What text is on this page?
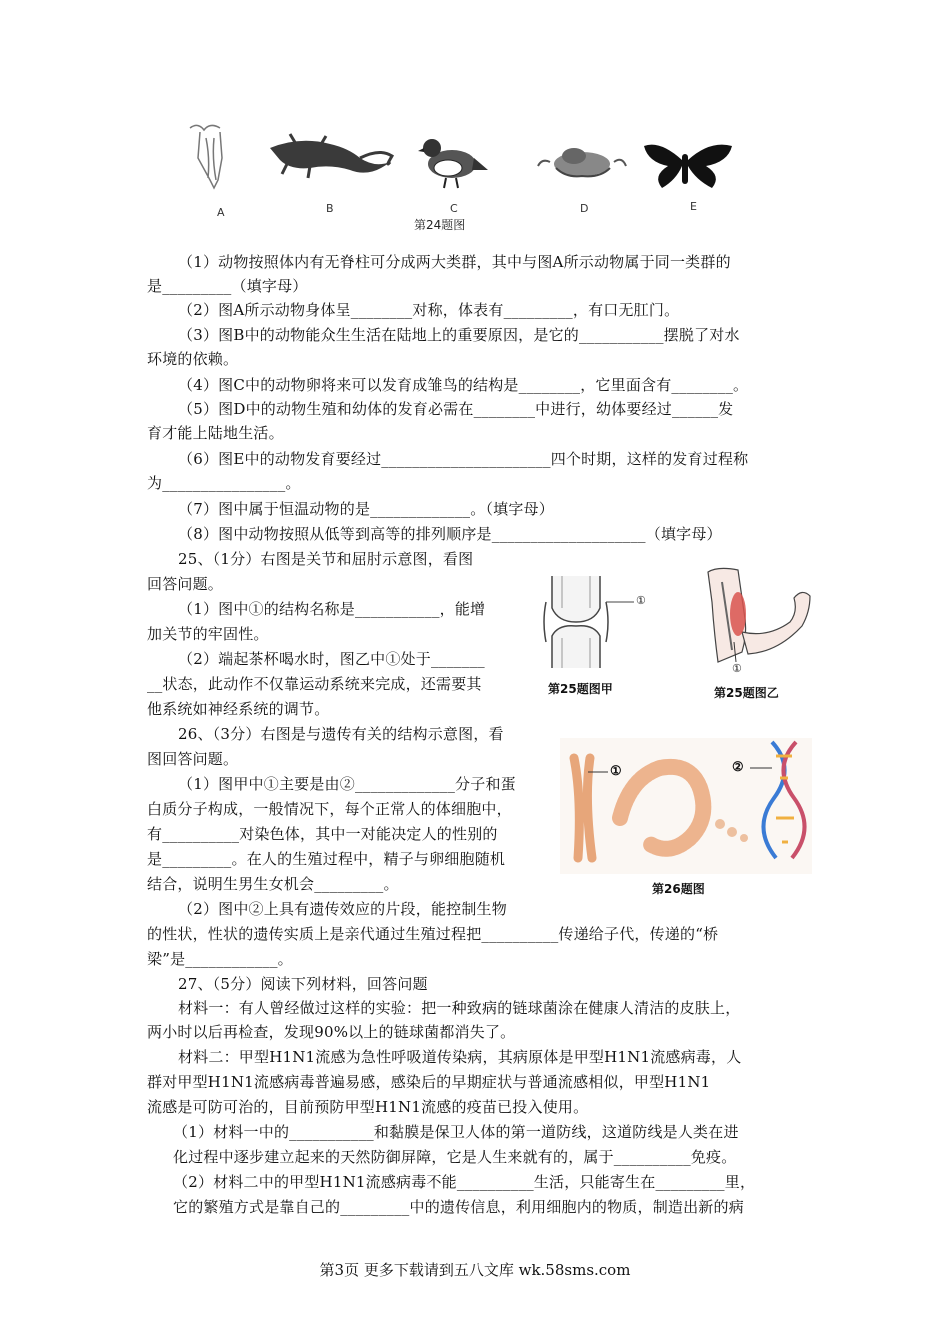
A	B	C	D	E
第24题图
（1）动物按照体内有无脊柱可分成两大类群，其中与图A所示动物属于同一类群的
是_________（填字母）
（2）图A所示动物身体呈________对称，体表有_________，有口无肛门。
（3）图B中的动物能众生生活在陆地上的重要原因，是它的___________摆脱了对水
环境的依赖。
（4）图C中的动物卵将来可以发育成雏鸟的结构是________，它里面含有________。
（5）图D中的动物生殖和幼体的发育必需在________中进行，幼体要经过______发
育才能上陆地生活。
（6）图E中的动物发育要经过______________________四个时期，这样的发育过程称
为________________。
（7）图中属于恒温动物的是_____________。（填字母）
（8）图中动物按照从低等到高等的排列顺序是____________________（填字母）
25、（1分）右图是关节和屈肘示意图，看图
回答问题。
（1）图中①的结构名称是___________，能增
加关节的牢固性。
（2）端起茶杯喝水时，图乙中①处于_______
__状态，此动作不仅靠运动系统来完成，还需要其
他系统如神经系统的调节。
①
第25题图甲
①
第25题图乙
26、（3分）右图是与遗传有关的结构示意图，看
图回答问题。
（1）图甲中①主要是由②_____________分子和蛋
白质分子构成，一般情况下，每个正常人的体细胞中，
有__________对染色体，其中一对能决定人的性别的
是_________。在人的生殖过程中，精子与卵细胞随机
结合，说明生男生女机会_________。
（2）图中②上具有遗传效应的片段，能控制生物
的性状，性状的遗传实质上是亲代通过生殖过程把__________传递给子代，传递的“桥
梁”是____________。
①	②
第26题图
27、（5分）阅读下列材料，回答问题
材料一：有人曾经做过这样的实验：把一种致病的链球菌涂在健康人清洁的皮肤上，
两小时以后再检查，发现90%以上的链球菌都消失了。
材料二：甲型H1N1流感为急性呼吸道传染病，其病原体是甲型H1N1流感病毒，人
群对甲型H1N1流感病毒普遍易感，感染后的早期症状与普通流感相似，甲型H1N1
流感是可防可治的，目前预防甲型H1N1流感的疫苗已投入使用。
（1）材料一中的___________和黏膜是保卫人体的第一道防线，这道防线是人类在进
化过程中逐步建立起来的天然防御屏障，它是人生来就有的，属于__________免疫。
（2）材料二中的甲型H1N1流感病毒不能__________生活，只能寄生在_________里，
它的繁殖方式是靠自己的_________中的遗传信息，利用细胞内的物质，制造出新的病
第3页 更多下载请到五八文库 wk.58sms.com
